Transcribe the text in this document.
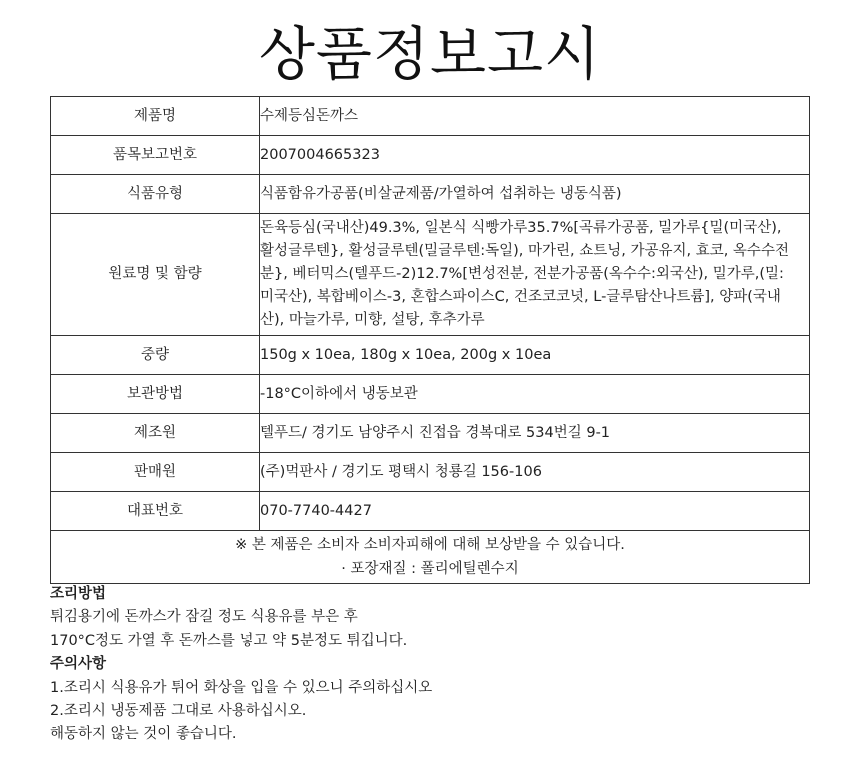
상품정보고시
제품명	수제등심돈까스
품목보고번호	2007004665323
식품유형	식품함유가공품(비살균제품/가열하여 섭취하는 냉동식품)
원료명 및 함량	돈육등심(국내산)49.3%, 일본식 식빵가루35.7%[곡류가공품, 밀가루{밀(미국산),
활성글루텐}, 활성글루텐(밀글루텐:독일), 마가린, 쇼트닝, 가공유지, 효코, 옥수수전
분}, 베터믹스(텔푸드-2)12.7%[변성전분, 전분가공품(옥수수:외국산), 밀가루,(밀:
미국산), 복합베이스-3, 혼합스파이스C, 건조코코넛, L-글루탐산나트륨], 양파(국내
산), 마늘가루, 미향, 설탕, 후추가루

중량	150g x 10ea, 180g x 10ea, 200g x 10ea
보관방법	-18°C이하에서 냉동보관
제조원	텔푸드/ 경기도 남양주시 진접읍 경복대로 534번길 9-1
판매원	(주)먹판사 / 경기도 평택시 청룡길 156-106
대표번호	070-7740-4427

※ 본 제품은 소비자 소비자피해에 대해 보상받을 수 있습니다.
· 포장재질 : 폴리에틸렌수지	
조리방법
튀김용기에 돈까스가 잠길 정도 식용유를 부은 후
170°C정도 가열 후 돈까스를 넣고 약 5분정도 튀깁니다.
주의사항
1.조리시 식용유가 튀어 화상을 입을 수 있으니 주의하십시오
2.조리시 냉동제품 그대로 사용하십시오.
해동하지 않는 것이 좋습니다.
